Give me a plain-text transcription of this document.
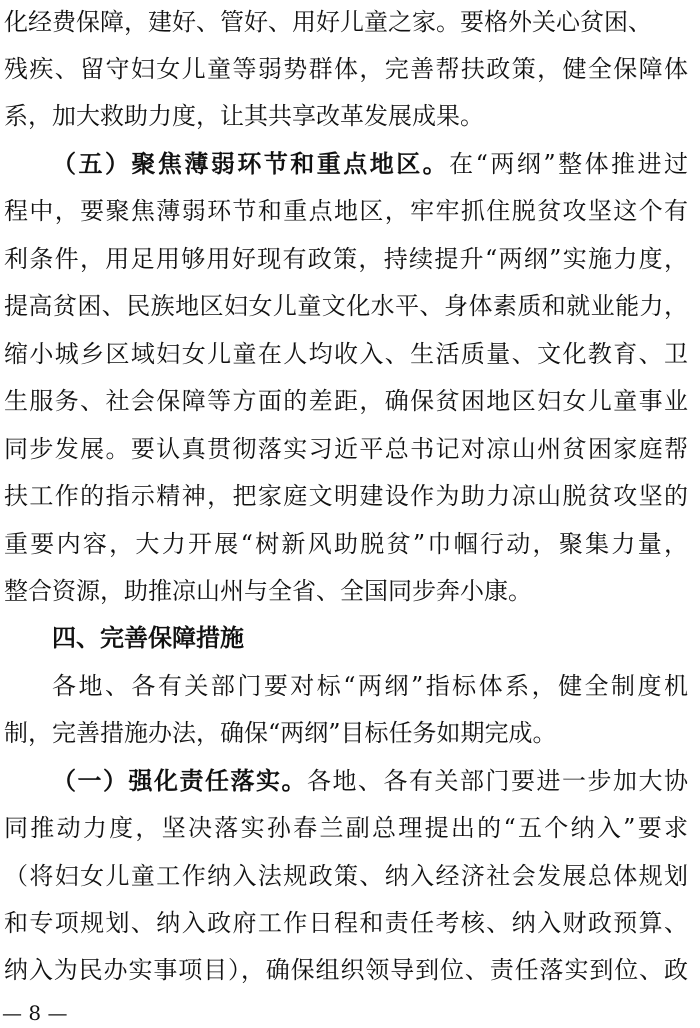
化经费保障，建好、管好、用好儿童之家。要格外关心贫困、
残疾、留守妇女儿童等弱势群体，完善帮扶政策，健全保障体
系，加大救助力度，让其共享改革发展成果。
（五）聚焦薄弱环节和重点地区。在“两纲”整体推进过
程中，要聚焦薄弱环节和重点地区，牢牢抓住脱贫攻坚这个有
利条件，用足用够用好现有政策，持续提升“两纲”实施力度，
提高贫困、民族地区妇女儿童文化水平、身体素质和就业能力，
缩小城乡区域妇女儿童在人均收入、生活质量、文化教育、卫
生服务、社会保障等方面的差距，确保贫困地区妇女儿童事业
同步发展。要认真贯彻落实习近平总书记对凉山州贫困家庭帮
扶工作的指示精神，把家庭文明建设作为助力凉山脱贫攻坚的
重要内容，大力开展“树新风助脱贫”巾帼行动，聚集力量，
整合资源，助推凉山州与全省、全国同步奔小康。
四、完善保障措施
各地、各有关部门要对标“两纲”指标体系，健全制度机
制，完善措施办法，确保“两纲”目标任务如期完成。
（一）强化责任落实。各地、各有关部门要进一步加大协
同推动力度，坚决落实孙春兰副总理提出的“五个纳入”要求
（将妇女儿童工作纳入法规政策、纳入经济社会发展总体规划
和专项规划、纳入政府工作日程和责任考核、纳入财政预算、
纳入为民办实事项目），确保组织领导到位、责任落实到位、政
— 8 —
